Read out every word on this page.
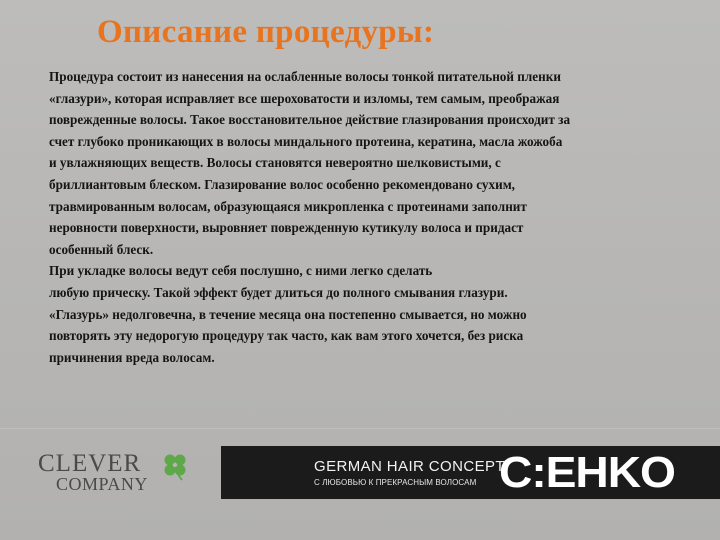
Описание процедуры:
Процедура состоит из нанесения на ослабленные волосы тонкой питательной пленки
«глазури», которая исправляет все шероховатости и изломы, тем самым, преображая
поврежденные волосы. Такое восстановительное действие глазирования происходит за
счет глубоко проникающих в волосы миндального протеина, кератина, масла жожоба
и увлажняющих веществ. Волосы становятся невероятно шелковистыми, с
бриллиантовым блеском. Глазирование волос особенно рекомендовано сухим,
травмированным волосам, образующаяся микропленка с протеинами заполнит
неровности поверхности, выровняет поврежденную кутикулу волоса и придаст
особенный блеск.
При укладке волосы ведут себя послушно, с ними легко сделать
любую прическу. Такой эффект будет длиться до полного смывания глазури.
«Глазурь» недолговечна, в течение месяца она постепенно смывается, но можно
повторять эту недорогую процедуру так часто, как вам этого хочется, без риска
причинения вреда волосам.
CLEVER
COMPANY
GERMAN HAIR CONCEPT
С ЛЮБОВЬЮ К ПРЕКРАСНЫМ ВОЛОСАМ C:EHKO
